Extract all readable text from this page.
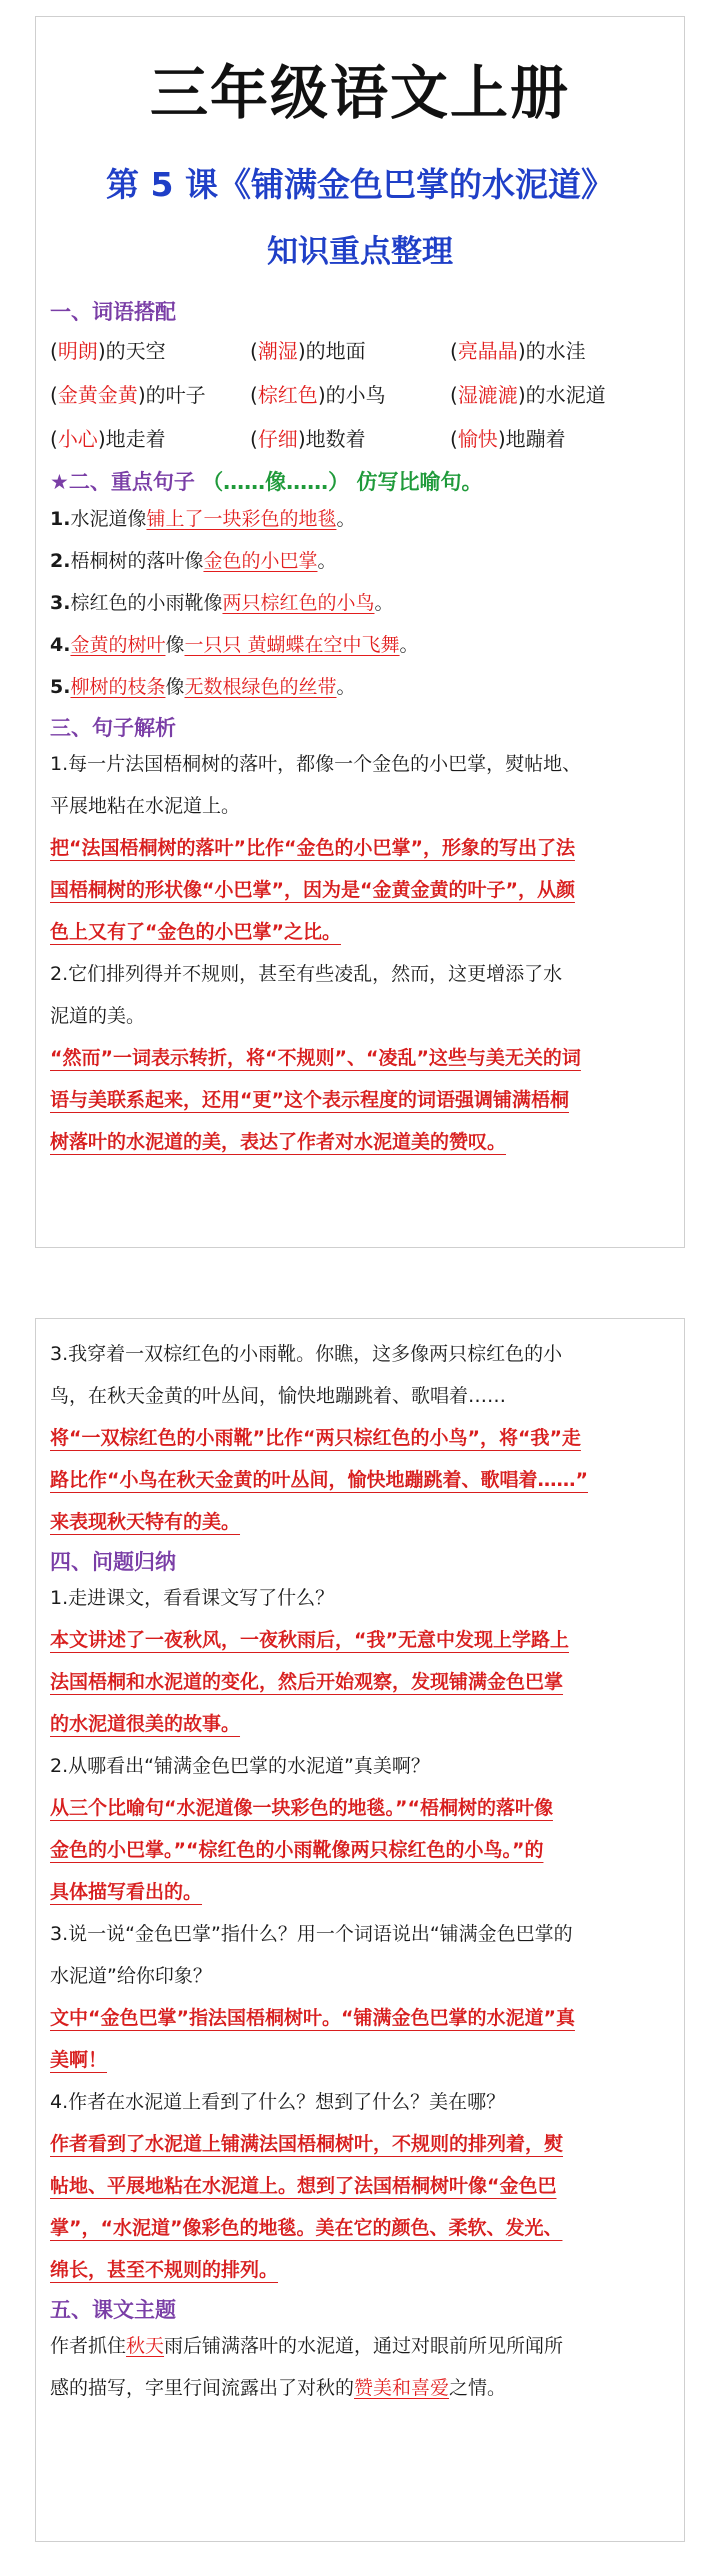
三年级语文上册
第 5 课《铺满金色巴掌的水泥道》
知识重点整理
一、词语搭配
(明朗)的天空	(潮湿)的地面	(亮晶晶)的水洼
(金黄金黄)的叶子	(棕红色)的小鸟	(湿漉漉)的水泥道
(小心)地走着	(仔细)地数着	(愉快)地蹦着
★二、重点句子 （……像……） 仿写比喻句。
1.水泥道像铺上了一块彩色的地毯。
2.梧桐树的落叶像金色的小巴掌。
3.棕红色的小雨靴像两只棕红色的小鸟。
4.金黄的树叶像一只只 黄蝴蝶在空中飞舞。
5.柳树的枝条像无数根绿色的丝带。
三、句子解析
1.每一片法国梧桐树的落叶，都像一个金色的小巴掌，熨帖地、
平展地粘在水泥道上。
把“法国梧桐树的落叶”比作“金色的小巴掌”，形象的写出了法
国梧桐树的形状像“小巴掌”，因为是“金黄金黄的叶子”，从颜
色上又有了“金色的小巴掌”之比。
2.它们排列得并不规则，甚至有些凌乱，然而，这更增添了水
泥道的美。
“然而”一词表示转折，将“不规则”、“凌乱”这些与美无关的词
语与美联系起来，还用“更”这个表示程度的词语强调铺满梧桐
树落叶的水泥道的美，表达了作者对水泥道美的赞叹。
3.我穿着一双棕红色的小雨靴。你瞧，这多像两只棕红色的小
鸟，在秋天金黄的叶丛间，愉快地蹦跳着、歌唱着……
将“一双棕红色的小雨靴”比作“两只棕红色的小鸟”，将“我”走
路比作“小鸟在秋天金黄的叶丛间，愉快地蹦跳着、歌唱着……”
来表现秋天特有的美。
四、问题归纳
1.走进课文，看看课文写了什么？
本文讲述了一夜秋风，一夜秋雨后，“我”无意中发现上学路上
法国梧桐和水泥道的变化，然后开始观察，发现铺满金色巴掌
的水泥道很美的故事。
2.从哪看出“铺满金色巴掌的水泥道”真美啊？
从三个比喻句“水泥道像一块彩色的地毯。”“梧桐树的落叶像
金色的小巴掌。”“棕红色的小雨靴像两只棕红色的小鸟。”的
具体描写看出的。
3.说一说“金色巴掌”指什么？用一个词语说出“铺满金色巴掌的
水泥道”给你印象？
文中“金色巴掌”指法国梧桐树叶。“铺满金色巴掌的水泥道”真
美啊！
4.作者在水泥道上看到了什么？想到了什么？美在哪？
作者看到了水泥道上铺满法国梧桐树叶，不规则的排列着，熨
帖地、平展地粘在水泥道上。想到了法国梧桐树叶像“金色巴
掌”，“水泥道”像彩色的地毯。美在它的颜色、柔软、发光、
绵长，甚至不规则的排列。
五、课文主题
作者抓住秋天雨后铺满落叶的水泥道，通过对眼前所见所闻所
感的描写，字里行间流露出了对秋的赞美和喜爱之情。
